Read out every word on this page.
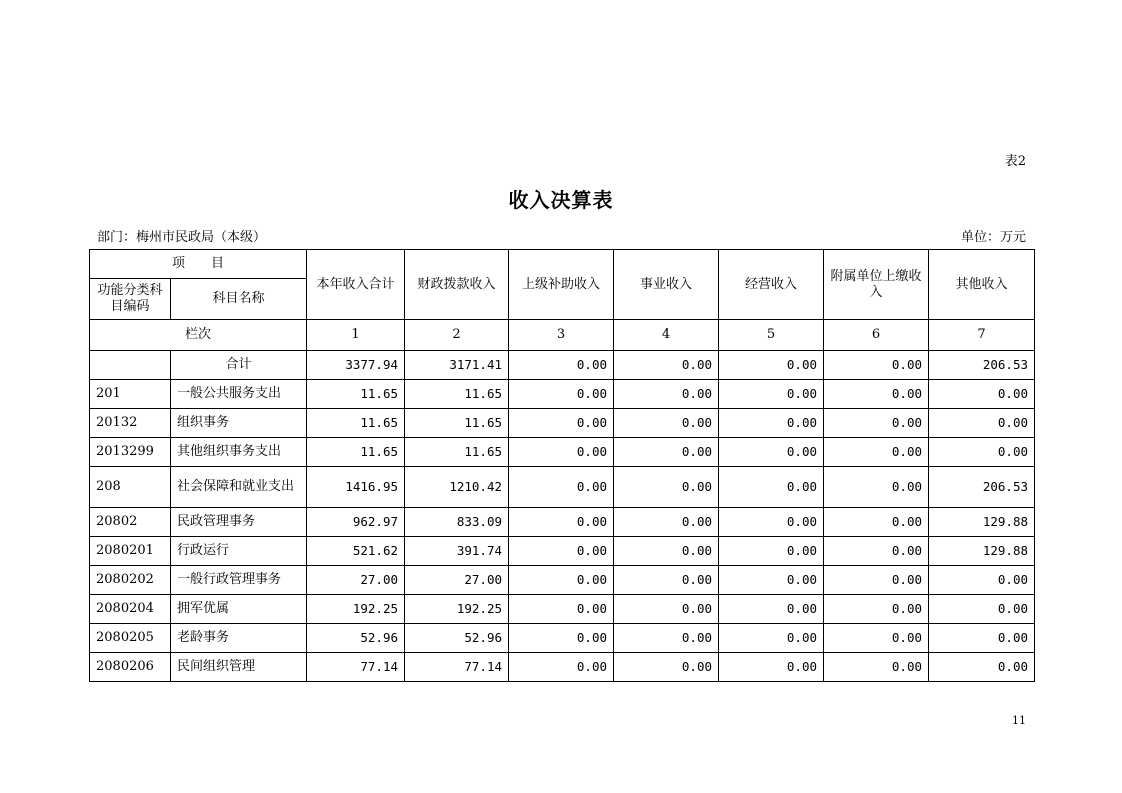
表2
收入决算表
部门：梅州市民政局（本级）	单位：万元
项　　目		本年收入合计	财政拨款收入	上级补助收入	事业收入	经营收入	附属单位上缴收入	其他收入
功能分类科目编码	科目名称							
栏次		1	2	3	4	5	6	7
	合计	3377.94	3171.41	0.00	0.00	0.00	0.00	206.53
201	一般公共服务支出	11.65	11.65	0.00	0.00	0.00	0.00	0.00
20132	组织事务	11.65	11.65	0.00	0.00	0.00	0.00	0.00
2013299	其他组织事务支出	11.65	11.65	0.00	0.00	0.00	0.00	0.00
208	社会保障和就业支出	1416.95	1210.42	0.00	0.00	0.00	0.00	206.53
20802	民政管理事务	962.97	833.09	0.00	0.00	0.00	0.00	129.88
2080201	行政运行	521.62	391.74	0.00	0.00	0.00	0.00	129.88
2080202	一般行政管理事务	27.00	27.00	0.00	0.00	0.00	0.00	0.00
2080204	拥军优属	192.25	192.25	0.00	0.00	0.00	0.00	0.00
2080205	老龄事务	52.96	52.96	0.00	0.00	0.00	0.00	0.00
2080206	民间组织管理	77.14	77.14	0.00	0.00	0.00	0.00	0.00
11
